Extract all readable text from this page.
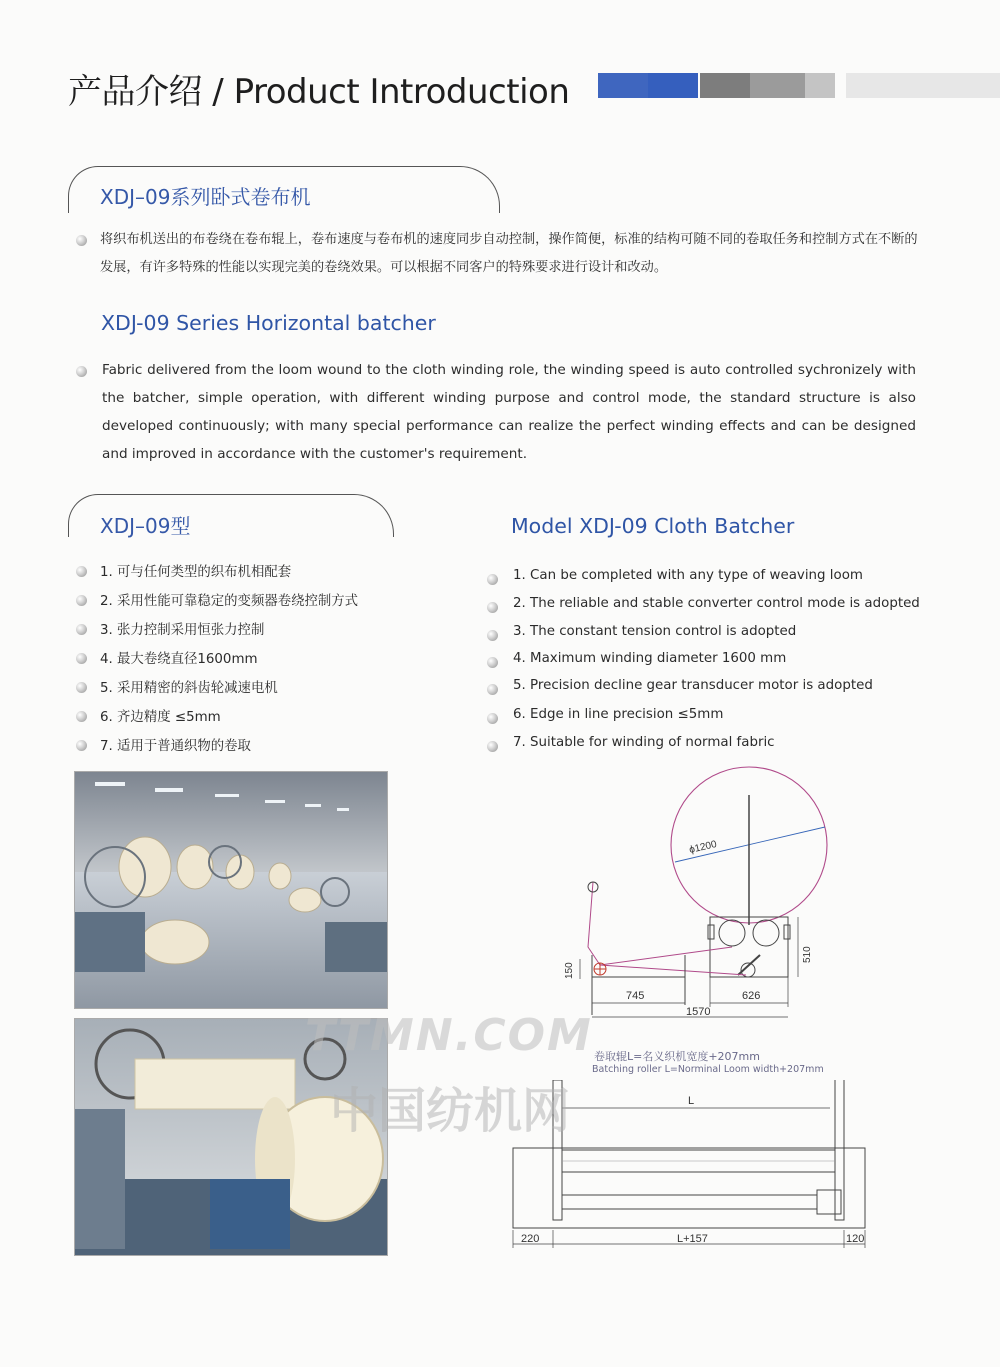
产品介绍 / Product Introduction
XDJ–09系列卧式卷布机
将织布机送出的布卷绕在卷布辊上，卷布速度与卷布机的速度同步自动控制，操作简便，标准的结构可随不同的卷取任务和控制方式在不断的发展，有许多特殊的性能以实现完美的卷绕效果。可以根据不同客户的特殊要求进行设计和改动。
XDJ-09 Series Horizontal batcher
Fabric delivered from the loom wound to the cloth winding role, the winding speed is auto controlled sychronizely with the batcher, simple operation, with different winding purpose and control mode, the standard structure is also developed continuously; with many special performance can realize the perfect winding effects and can be designed and improved in accordance with the customer's requirement.
XDJ–09型	Model XDJ-09 Cloth Batcher
1. 可与任何类型的织布机相配套
2. 采用性能可靠稳定的变频器卷绕控制方式
3. 张力控制采用恒张力控制
4. 最大卷绕直径1600mm
5. 采用精密的斜齿轮减速电机
6. 齐边精度 ≤5mm
7. 适用于普通织物的卷取
1. Can be completed with any type of weaving loom
2. The reliable and stable converter control mode is adopted
3. The constant tension control is adopted
4. Maximum winding diameter 1600 mm
5. Precision decline gear transducer motor is adopted
6. Edge in line precision ≤5mm
7. Suitable for winding of normal fabric
ϕ1200
150
510
745	626
1570
卷取辊L=名义织机宽度+207mm
Batching roller L=Norminal Loom width+207mm
L
220	L+157	120
TTMN.COM
中国纺机网
